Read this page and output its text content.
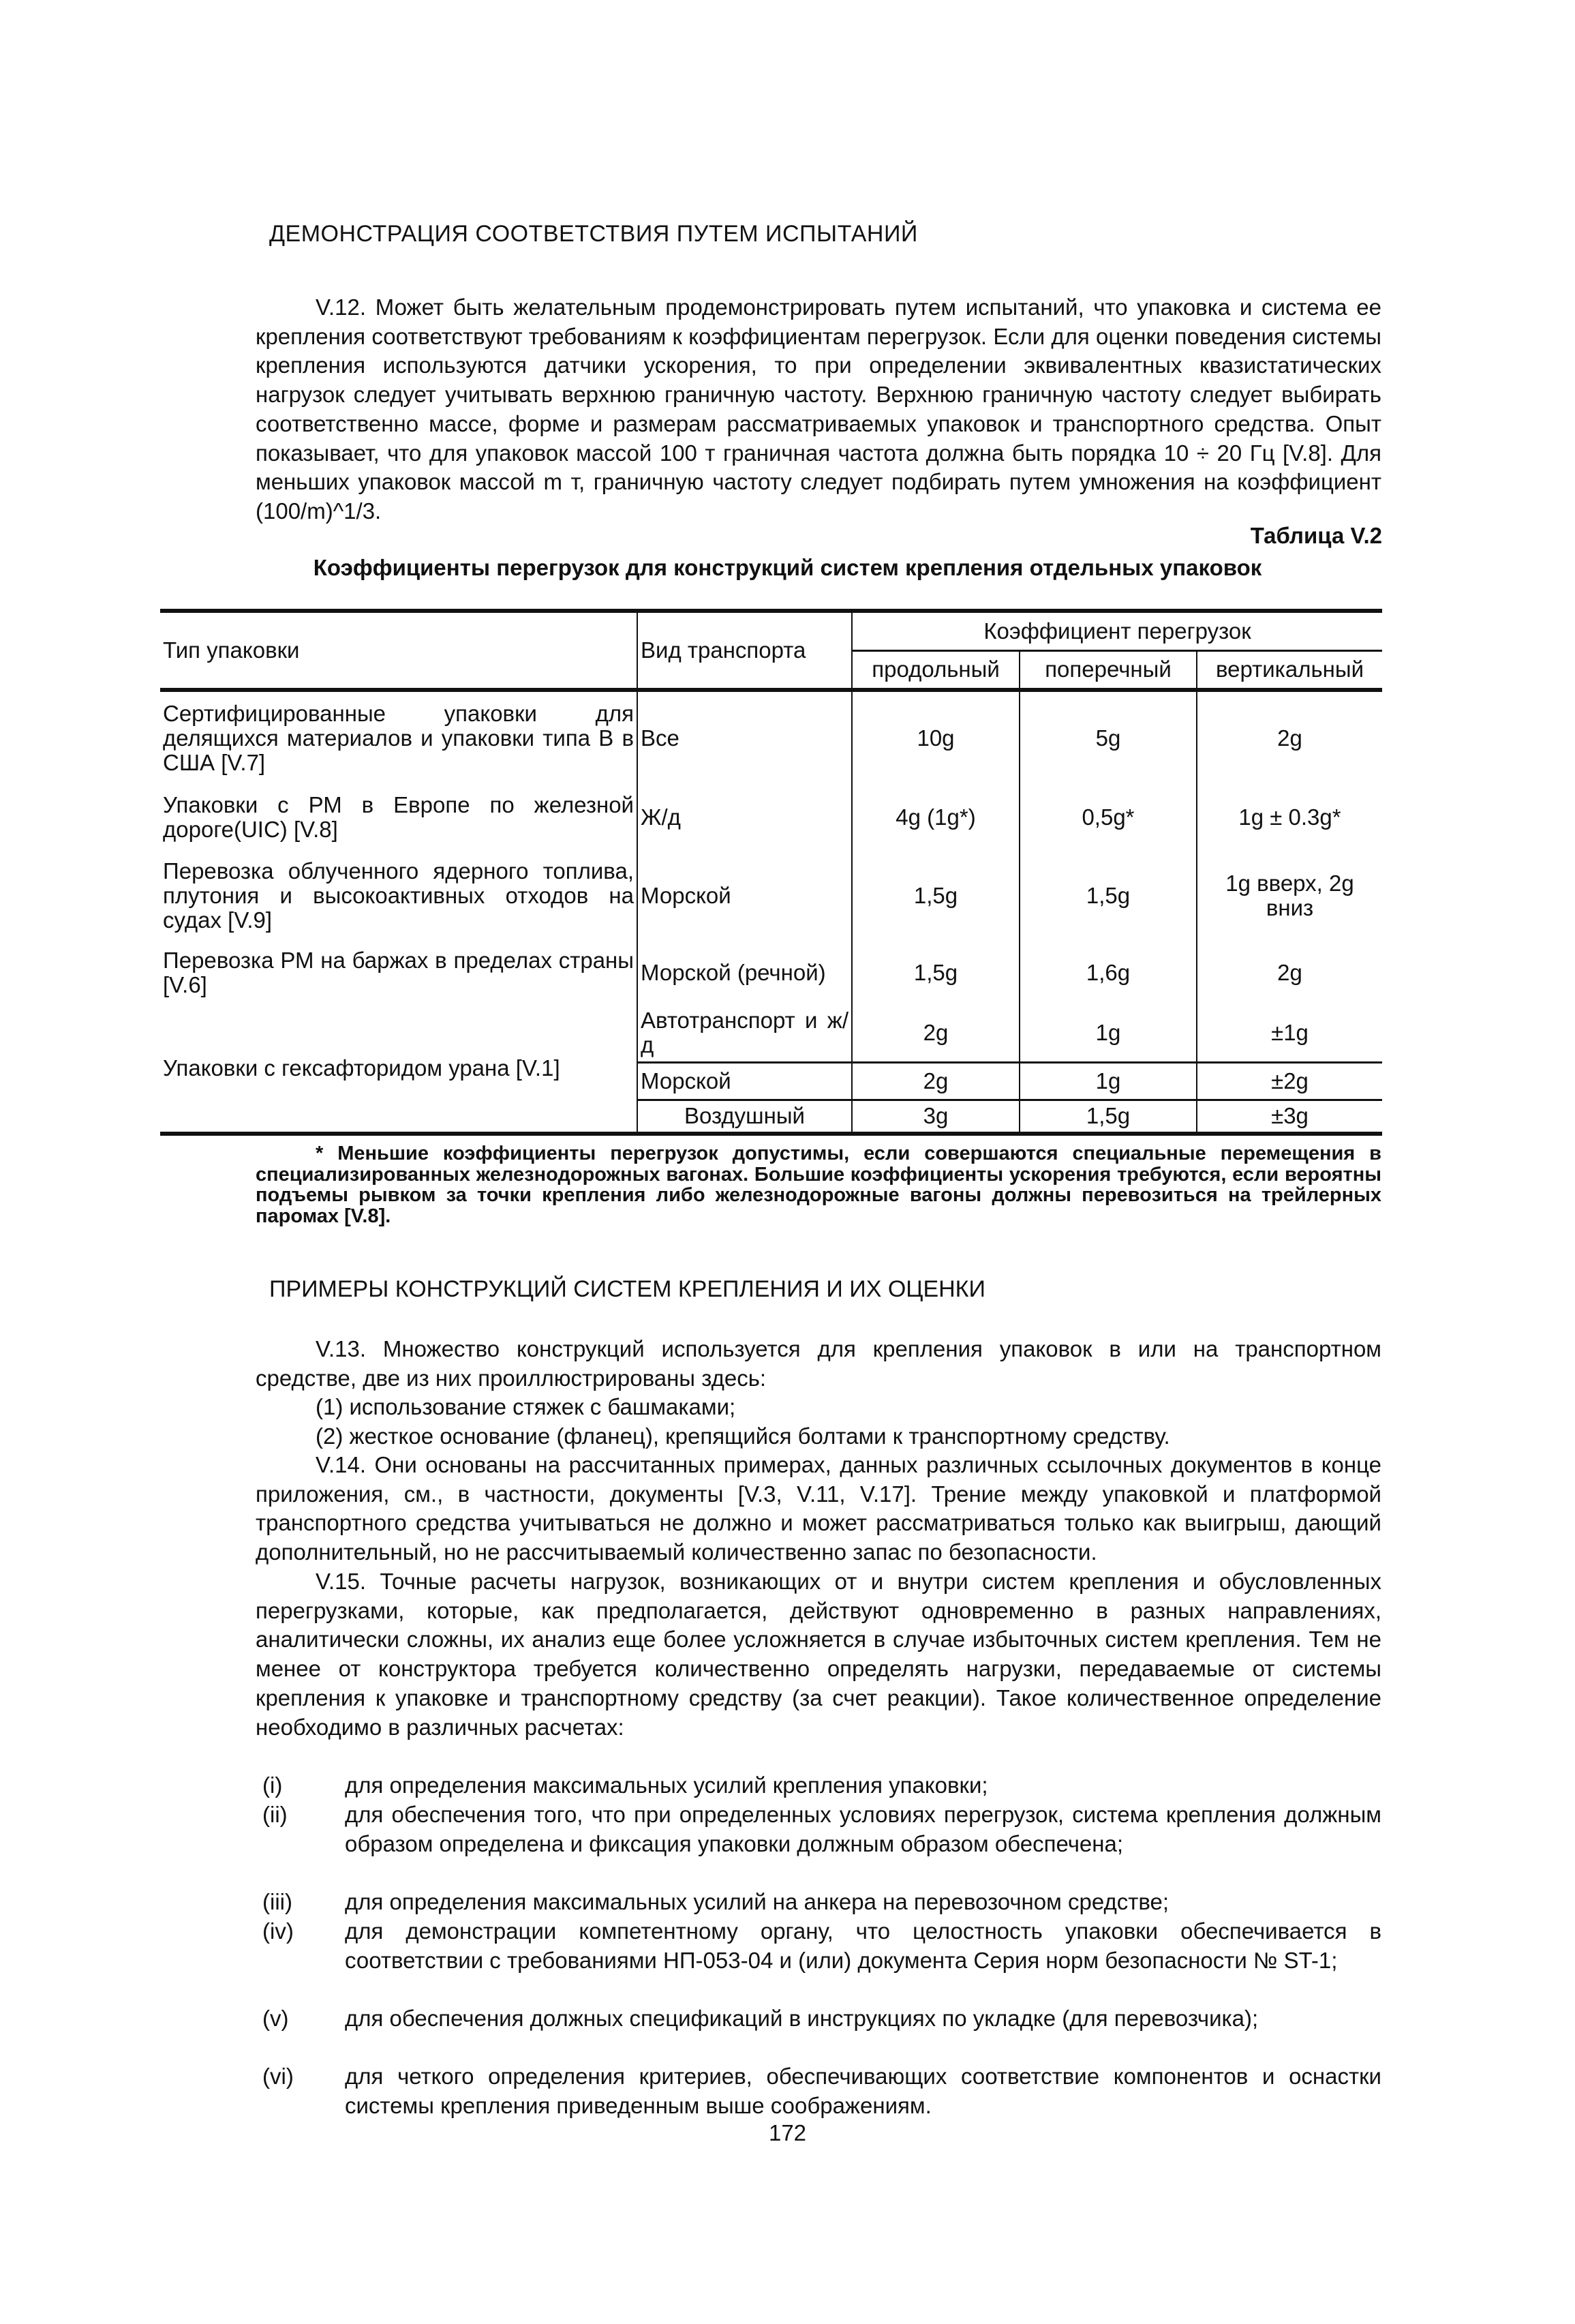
ДЕМОНСТРАЦИЯ СООТВЕТСТВИЯ ПУТЕМ ИСПЫТАНИЙ
V.12. Может быть желательным продемонстрировать путем испытаний, что упаковка и система ее крепления соответствуют требованиям к коэффициентам перегрузок. Если для оценки поведения системы крепления используются датчики ускорения, то при определении эквивалентных квазистатических нагрузок следует учитывать верхнюю граничную частоту. Верхнюю граничную частоту следует выбирать соответственно массе, форме и размерам рассматриваемых упаковок и транспортного средства. Опыт показывает, что для упаковок массой 100 т граничная частота должна быть порядка 10 ÷ 20 Гц [V.8]. Для меньших упаковок массой m т, граничную частоту следует подбирать путем умножения на коэффициент (100/m)^1/3.
Таблица V.2
Коэффициенты перегрузок для конструкций систем крепления отдельных упаковок
Тип упаковки	Вид транспорта	Коэффициент перегрузок		
		продольный	поперечный	вертикальный
Сертифицированные упаковки для делящихся материалов и упаковки типа B в США [V.7]	Все	10g	5g	2g
Упаковки с РМ в Европе по железной дороге(UIC) [V.8]	Ж/д	4g (1g*)	0,5g*	1g ± 0.3g*
Перевозка облученного ядерного топлива, плутония и высокоактивных отходов на судах [V.9]	Морской	1,5g	1,5g	1g вверх, 2g вниз
Перевозка РМ на баржах в пределах страны [V.6]	Морской (речной)	1,5g	1,6g	2g
Упаковки с гексафторидом урана [V.1]	Автотранспорт и ж/д	2g	1g	±1g
	Морской	2g	1g	±2g
	Воздушный	3g	1,5g	±3g
* Меньшие коэффициенты перегрузок допустимы, если совершаются специальные перемещения в специализированных железнодорожных вагонах. Большие коэффициенты ускорения требуются, если вероятны подъемы рывком за точки крепления либо железнодорожные вагоны должны перевозиться на трейлерных паромах [V.8].
ПРИМЕРЫ КОНСТРУКЦИЙ СИСТЕМ КРЕПЛЕНИЯ И ИХ ОЦЕНКИ
V.13. Множество конструкций используется для крепления упаковок в или на транспортном средстве, две из них проиллюстрированы здесь:
(1) использование стяжек с башмаками;
(2) жесткое основание (фланец), крепящийся болтами к транспортному средству.
V.14. Они основаны на рассчитанных примерах, данных различных ссылочных документов в конце приложения, см., в частности, документы [V.3, V.11, V.17]. Трение между упаковкой и платформой транспортного средства учитываться не должно и может рассматриваться только как выигрыш, дающий дополнительный, но не рассчитываемый количественно запас по безопасности.
V.15. Точные расчеты нагрузок, возникающих от и внутри систем крепления и обусловленных перегрузками, которые, как предполагается, действуют одновременно в разных направлениях, аналитически сложны, их анализ еще более усложняется в случае избыточных систем крепления. Тем не менее от конструктора требуется количественно определять нагрузки, передаваемые от системы крепления к упаковке и транспортному средству (за счет реакции). Такое количественное определение необходимо в различных расчетах:
(i)	для определения максимальных усилий крепления упаковки;
(ii)	для обеспечения того, что при определенных условиях перегрузок, система крепления должным образом определена и фиксация упаковки должным образом обеспечена;
(iii) для определения максимальных усилий на анкера на перевозочном средстве;
(iv) для демонстрации компетентному органу, что целостность упаковки обеспечивается в соответствии с требованиями НП-053-04 и (или) документа Серия норм безопасности № ST-1;
(v)	для обеспечения должных спецификаций в инструкциях по укладке (для перевозчика);
(vi) для четкого определения критериев, обеспечивающих соответствие компонентов и оснастки системы крепления приведенным выше соображениям.
172
